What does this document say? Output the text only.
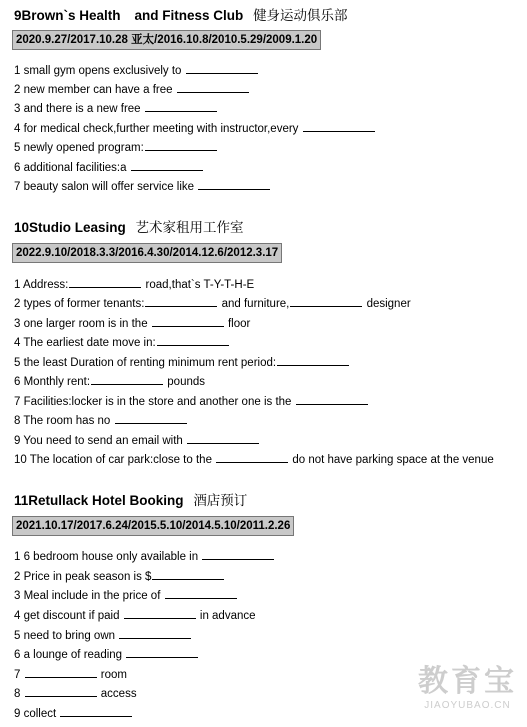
9Brown`s Health and Fitness Club 健身运动俱乐部
2020.9.27/2017.10.28 亚太/2016.10.8/2010.5.29/2009.1.20
1 small gym opens exclusively to
2 new member can have a free
3 and there is a new free
4 for medical check,further meeting with instructor,every
5 newly opened program:
6 additional facilities:a
7 beauty salon will offer service like
10Studio Leasing 艺术家租用工作室
2022.9.10/2018.3.3/2016.4.30/2014.12.6/2012.3.17
1 Address:	road,that`s T-Y-T-H-E
2 types of former tenants:	and furniture,	designer
3 one larger room is in the	floor
4 The earliest date move in:
5 the least Duration of renting minimum rent period:
6 Monthly rent:	pounds
7 Facilities:locker is in the store and another one is the
8 The room has no
9 You need to send an email with
10 The location of car park:close to the	do not have parking space at the venue
11Retullack Hotel Booking 酒店预订
2021.10.17/2017.6.24/2015.5.10/2014.5.10/2011.2.26
1 6 bedroom house only available in
2 Price in peak season is $
3 Meal include in the price of
4 get discount if paid	in advance
5 need to bring own
6 a lounge of reading
7	room
8	access
9 collect
教育宝
JIAOYUBAO.CN
